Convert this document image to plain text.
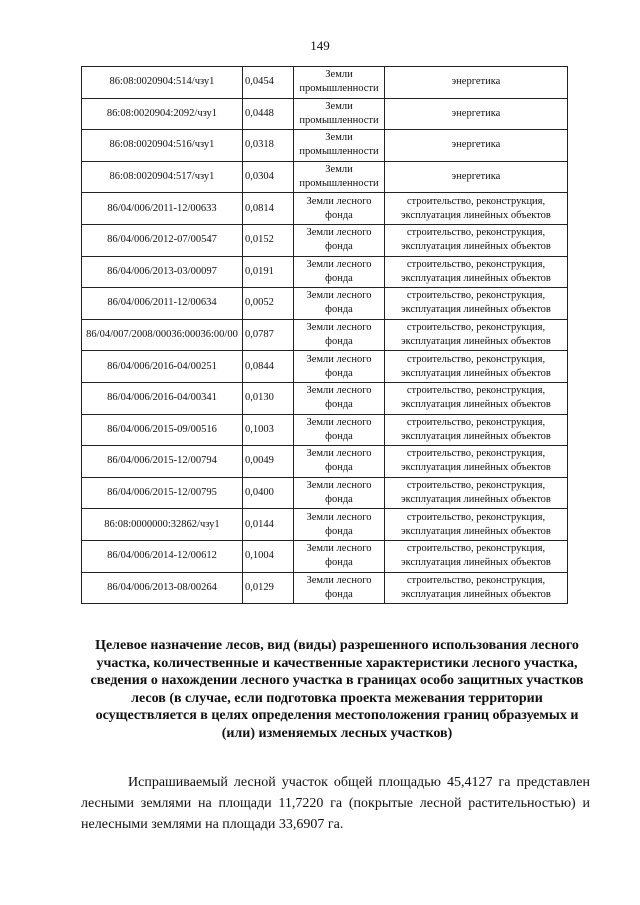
149
86:08:0020904:514/чзу1	0,0454	Земли промышленности	энергетика
86:08:0020904:2092/чзу1	0,0448	Земли промышленности	энергетика
86:08:0020904:516/чзу1	0,0318	Земли промышленности	энергетика
86:08:0020904:517/чзу1	0,0304	Земли промышленности	энергетика
86/04/006/2011-12/00633	0,0814	Земли лесного фонда	строительство, реконструкция, эксплуатация линейных объектов
86/04/006/2012-07/00547	0,0152	Земли лесного фонда	строительство, реконструкция, эксплуатация линейных объектов
86/04/006/2013-03/00097	0,0191	Земли лесного фонда	строительство, реконструкция, эксплуатация линейных объектов
86/04/006/2011-12/00634	0,0052	Земли лесного фонда	строительство, реконструкция, эксплуатация линейных объектов
86/04/007/2008/00036:00036:00/00	0,0787	Земли лесного фонда	строительство, реконструкция, эксплуатация линейных объектов
86/04/006/2016-04/00251	0,0844	Земли лесного фонда	строительство, реконструкция, эксплуатация линейных объектов
86/04/006/2016-04/00341	0,0130	Земли лесного фонда	строительство, реконструкция, эксплуатация линейных объектов
86/04/006/2015-09/00516	0,1003	Земли лесного фонда	строительство, реконструкция, эксплуатация линейных объектов
86/04/006/2015-12/00794	0,0049	Земли лесного фонда	строительство, реконструкция, эксплуатация линейных объектов
86/04/006/2015-12/00795	0,0400	Земли лесного фонда	строительство, реконструкция, эксплуатация линейных объектов
86:08:0000000:32862/чзу1	0,0144	Земли лесного фонда	строительство, реконструкция, эксплуатация линейных объектов
86/04/006/2014-12/00612	0,1004	Земли лесного фонда	строительство, реконструкция, эксплуатация линейных объектов
86/04/006/2013-08/00264	0,0129	Земли лесного фонда	строительство, реконструкция, эксплуатация линейных объектов
Целевое назначение лесов, вид (виды) разрешенного использования лесного участка, количественные и качественные характеристики лесного участка, сведения о нахождении лесного участка в границах особо защитных участков лесов (в случае, если подготовка проекта межевания территории осуществляется в целях определения местоположения границ образуемых и (или) изменяемых лесных участков)
Испрашиваемый лесной участок общей площадью 45,4127 га представлен лесными землями на площади 11,7220 га (покрытые лесной растительностью) и нелесными землями на площади 33,6907 га.
